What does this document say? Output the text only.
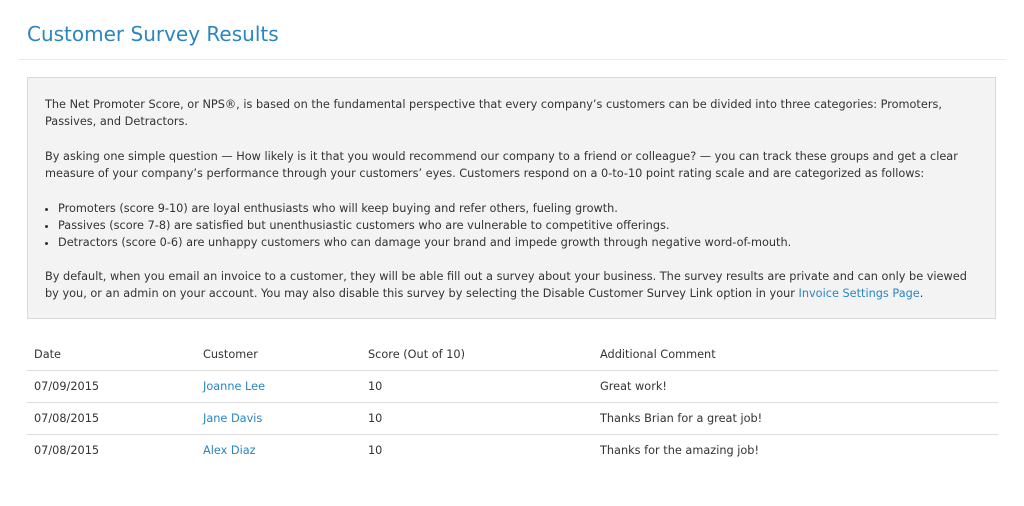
Customer Survey Results

The Net Promoter Score, or NPS®, is based on the fundamental perspective that every company’s customers can be divided into three categories: Promoters, Passives, and Detractors.

By asking one simple question — How likely is it that you would recommend our company to a friend or colleague? — you can track these groups and get a clear measure of your company’s performance through your customers’ eyes. Customers respond on a 0-to-10 point rating scale and are categorized as follows:

• Promoters (score 9-10) are loyal enthusiasts who will keep buying and refer others, fueling growth.
• Passives (score 7-8) are satisfied but unenthusiastic customers who are vulnerable to competitive offerings.
• Detractors (score 0-6) are unhappy customers who can damage your brand and impede growth through negative word-of-mouth.

By default, when you email an invoice to a customer, they will be able fill out a survey about your business. The survey results are private and can only be viewed by you, or an admin on your account. You may also disable this survey by selecting the Disable Customer Survey Link option in your Invoice Settings Page.

Date	Customer	Score (Out of 10)	Additional Comment
07/09/2015	Joanne Lee	10	Great work!
07/08/2015	Jane Davis	10	Thanks Brian for a great job!
07/08/2015	Alex Diaz	10	Thanks for the amazing job!
